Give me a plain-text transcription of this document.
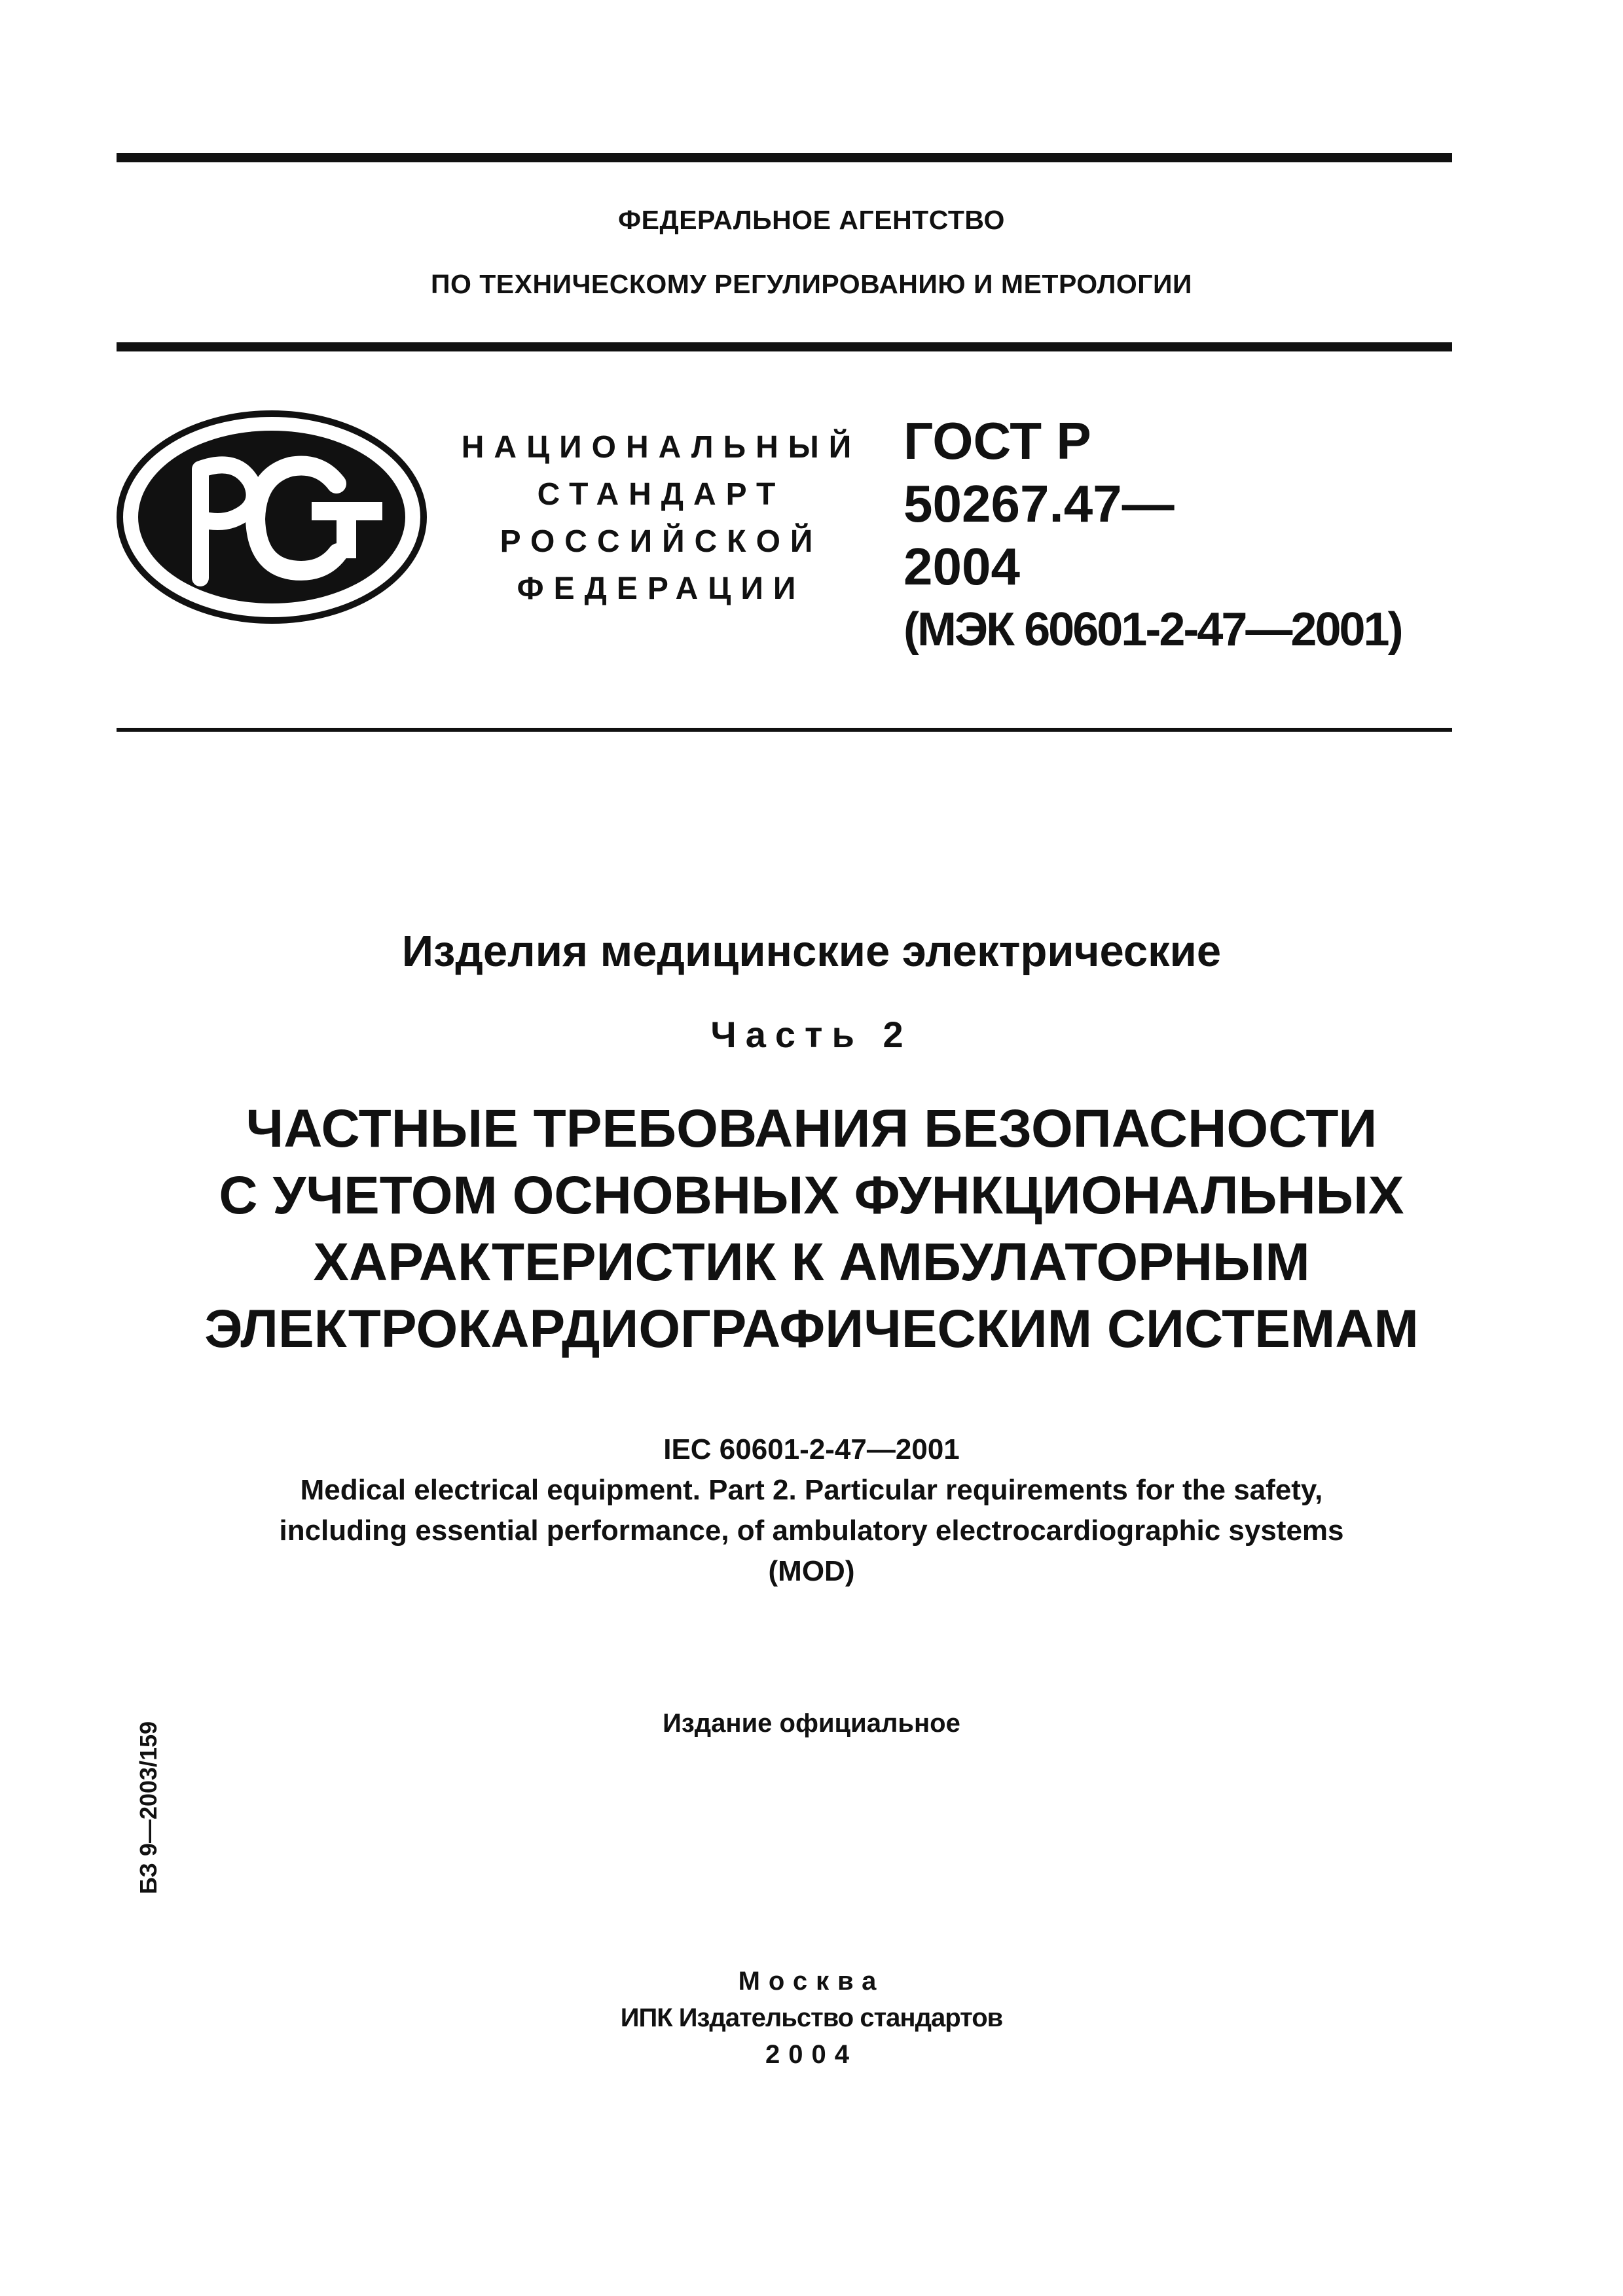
ФЕДЕРАЛЬНОЕ АГЕНТСТВО
ПО ТЕХНИЧЕСКОМУ РЕГУЛИРОВАНИЮ И МЕТРОЛОГИИ
НАЦИОНАЛЬНЫЙ
СТАНДАРТ
РОССИЙСКОЙ
ФЕДЕРАЦИИ
ГОСТ Р
50267.47—
2004
(МЭК 60601-2-47—2001)
Изделия медицинские электрические
Часть 2
ЧАСТНЫЕ ТРЕБОВАНИЯ БЕЗОПАСНОСТИ
С УЧЕТОМ ОСНОВНЫХ ФУНКЦИОНАЛЬНЫХ
ХАРАКТЕРИСТИК К АМБУЛАТОРНЫМ
ЭЛЕКТРОКАРДИОГРАФИЧЕСКИМ СИСТЕМАМ
IEC 60601-2-47—2001
Medical electrical equipment. Part 2. Particular requirements for the safety,
including essential performance, of ambulatory electrocardiographic systems
(MOD)
Издание официальное
БЗ 9—2003/159
Москва
ИПК Издательство стандартов
2004
